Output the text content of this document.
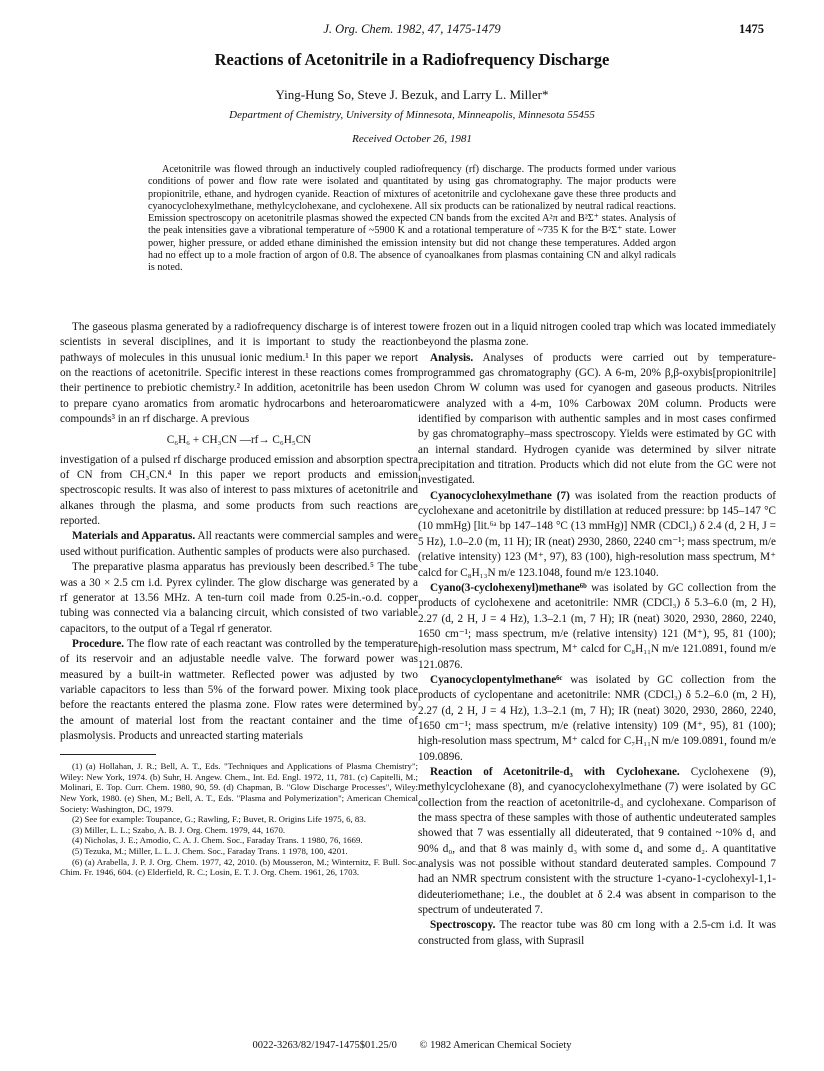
J. Org. Chem. 1982, 47, 1475-1479	1475
Reactions of Acetonitrile in a Radiofrequency Discharge
Ying-Hung So, Steve J. Bezuk, and Larry L. Miller*
Department of Chemistry, University of Minnesota, Minneapolis, Minnesota 55455
Received October 26, 1981
Acetonitrile was flowed through an inductively coupled radiofrequency (rf) discharge. The products formed under various conditions of power and flow rate were isolated and quantitated by using gas chromatography. The major products were propionitrile, ethane, and hydrogen cyanide. Reaction of mixtures of acetonitrile and cyclohexane gave these three products and cyanocyclohexylmethane, methylcyclohexane, and cyclohexene. All six products can be rationalized by neutral radical reactions. Emission spectroscopy on acetonitrile plasmas showed the expected CN bands from the excited A²π and B²Σ⁺ states. Analysis of the peak intensities gave a vibrational temperature of ~5900 K and a rotational temperature of ~735 K for the B²Σ⁺ state. Lower power, higher pressure, or added ethane diminished the emission intensity but did not change these temperatures. Added argon had no effect up to a mole fraction of argon of 0.8. The absence of cyanoalkanes from plasmas containing CN and alkyl radicals is noted.

The gaseous plasma generated by a radiofrequency discharge is of interest to scientists in several disciplines, and it is important to study the reaction pathways of molecules in this unusual ionic medium.¹ In this paper we report on the reactions of acetonitrile. Specific interest in these reactions comes from their pertinence to prebiotic chemistry.² In addition, acetonitrile has been used to prepare cyano aromatics from aromatic hydrocarbons and heteroaromatic compounds³ in an rf discharge. A previous

C₆H₆ + CH₃CN —rf→ C₆H₅CN

investigation of a pulsed rf discharge produced emission and absorption spectra of CN from CH₃CN.⁴ In this paper we report products and emission spectroscopic results. It was also of interest to pass mixtures of acetonitrile and alkanes through the plasma, and some products from such reactions are reported.

Materials and Apparatus. All reactants were commercial samples and were used without purification. Authentic samples of products were also purchased.

The preparative plasma apparatus has previously been described.⁵ The tube was a 30 × 2.5 cm i.d. Pyrex cylinder. The glow discharge was generated by a rf generator at 13.56 MHz. A ten-turn coil made from 0.25-in.-o.d. copper tubing was connected via a balancing circuit, which consisted of two variable capacitors, to the output of a Tegal rf generator.

Procedure. The flow rate of each reactant was controlled by the temperature of its reservoir and an adjustable needle valve. The forward power was measured by a built-in wattmeter. Reflected power was adjusted by two variable capacitors to less than 5% of the forward power. Mixing took place before the reactants entered the plasma zone. Flow rates were determined by the amount of material lost from the reactant container and the time of plasmolysis. Products and unreacted starting materials

(1) (a) Hollahan, J. R.; Bell, A. T., Eds. "Techniques and Applications of Plasma Chemistry"; Wiley: New York, 1974. (b) Suhr, H. Angew. Chem., Int. Ed. Engl. 1972, 11, 781. (c) Capitelli, M.; Molinari, E. Top. Curr. Chem. 1980, 90, 59. (d) Chapman, B. "Glow Discharge Processes", Wiley: New York, 1980. (e) Shen, M.; Bell, A. T., Eds. "Plasma and Polymerization"; American Chemical Society: Washington, DC, 1979.

(2) See for example: Toupance, G.; Rawling, F.; Buvet, R. Origins Life 1975, 6, 83.

(3) Miller, L. L.; Szabo, A. B. J. Org. Chem. 1979, 44, 1670.

(4) Nicholas, J. E.; Amodio, C. A. J. Chem. Soc., Faraday Trans. 1 1980, 76, 1669.

(5) Tezuka, M.; Miller, L. L. J. Chem. Soc., Faraday Trans. 1 1978, 100, 4201.

(6) (a) Arabella, J. P. J. Org. Chem. 1977, 42, 2010. (b) Mousseron, M.; Winternitz, F. Bull. Soc. Chim. Fr. 1946, 604. (c) Elderfield, R. C.; Losin, E. T. J. Org. Chem. 1961, 26, 1703.

were frozen out in a liquid nitrogen cooled trap which was located immediately beyond the plasma zone.

Analysis. Analyses of products were carried out by temperature-programmed gas chromatography (GC). A 6-m, 20% β,β-oxybis[propionitrile] on Chrom W column was used for cyanogen and gaseous products. Nitriles were analyzed with a 4-m, 10% Carbowax 20M column. Products were identified by comparison with authentic samples and in most cases confirmed by gas chromatography–mass spectroscopy. Yields were estimated by GC with an internal standard. Hydrogen cyanide was determined by silver nitrate precipitation and titration. Products which did not elute from the GC were not investigated.

Cyanocyclohexylmethane (7) was isolated from the reaction products of cyclohexane and acetonitrile by distillation at reduced pressure: bp 145–147 °C (10 mmHg) [lit.⁶ᵃ bp 147–148 °C (13 mmHg)] NMR (CDCl₃) δ 2.4 (d, 2 H, J = 5 Hz), 1.0–2.0 (m, 11 H); IR (neat) 2930, 2860, 2240 cm⁻¹; mass spectrum, m/e (relative intensity) 123 (M⁺, 97), 83 (100), high-resolution mass spectrum, M⁺ calcd for C₈H₁₃N m/e 123.1048, found m/e 123.1040.

Cyano(3-cyclohexenyl)methane⁶ᵇ was isolated by GC collection from the products of cyclohexene and acetonitrile: NMR (CDCl₃) δ 5.3–6.0 (m, 2 H), 2.27 (d, 2 H, J = 4 Hz), 1.3–2.1 (m, 7 H); IR (neat) 3020, 2930, 2860, 2240, 1650 cm⁻¹; mass spectrum, m/e (relative intensity) 121 (M⁺), 95, 81 (100); high-resolution mass spectrum, M⁺ calcd for C₈H₁₁N m/e 121.0891, found m/e 121.0876.

Cyanocyclopentylmethane⁶ᶜ was isolated by GC collection from the products of cyclopentane and acetonitrile: NMR (CDCl₃) δ 5.2–6.0 (m, 2 H), 2.27 (d, 2 H, J = 4 Hz), 1.3–2.1 (m, 7 H); IR (neat) 3020, 2930, 2860, 2240, 1650 cm⁻¹; mass spectrum, m/e (relative intensity) 109 (M⁺, 95), 81 (100); high-resolution mass spectrum, M⁺ calcd for C₇H₁₁N m/e 109.0891, found m/e 109.0896.

Reaction of Acetonitrile-d₃ with Cyclohexane. Cyclohexene (9), methylcyclohexane (8), and cyanocyclohexylmethane (7) were isolated by GC collection from the reaction of acetonitrile-d₃ and cyclohexane. Comparison of the mass spectra of these samples with those of authentic undeuterated samples showed that 7 was essentially all dideuterated, that 9 contained ~10% d₁ and 90% d₀, and that 8 was mainly d₃ with some d₄ and some d₂. A quantitative analysis was not possible without standard deuterated samples. Compound 7 had an NMR spectrum consistent with the structure 1-cyano-1-cyclohexyl-1,1-dideuteriomethane; i.e., the doublet at δ 2.4 was absent in comparison to the spectrum of undeuterated 7.

Spectroscopy. The reactor tube was 80 cm long with a 2.5-cm i.d. It was constructed from glass, with Suprasil

0022-3263/82/1947-1475$01.25/0 © 1982 American Chemical Society
